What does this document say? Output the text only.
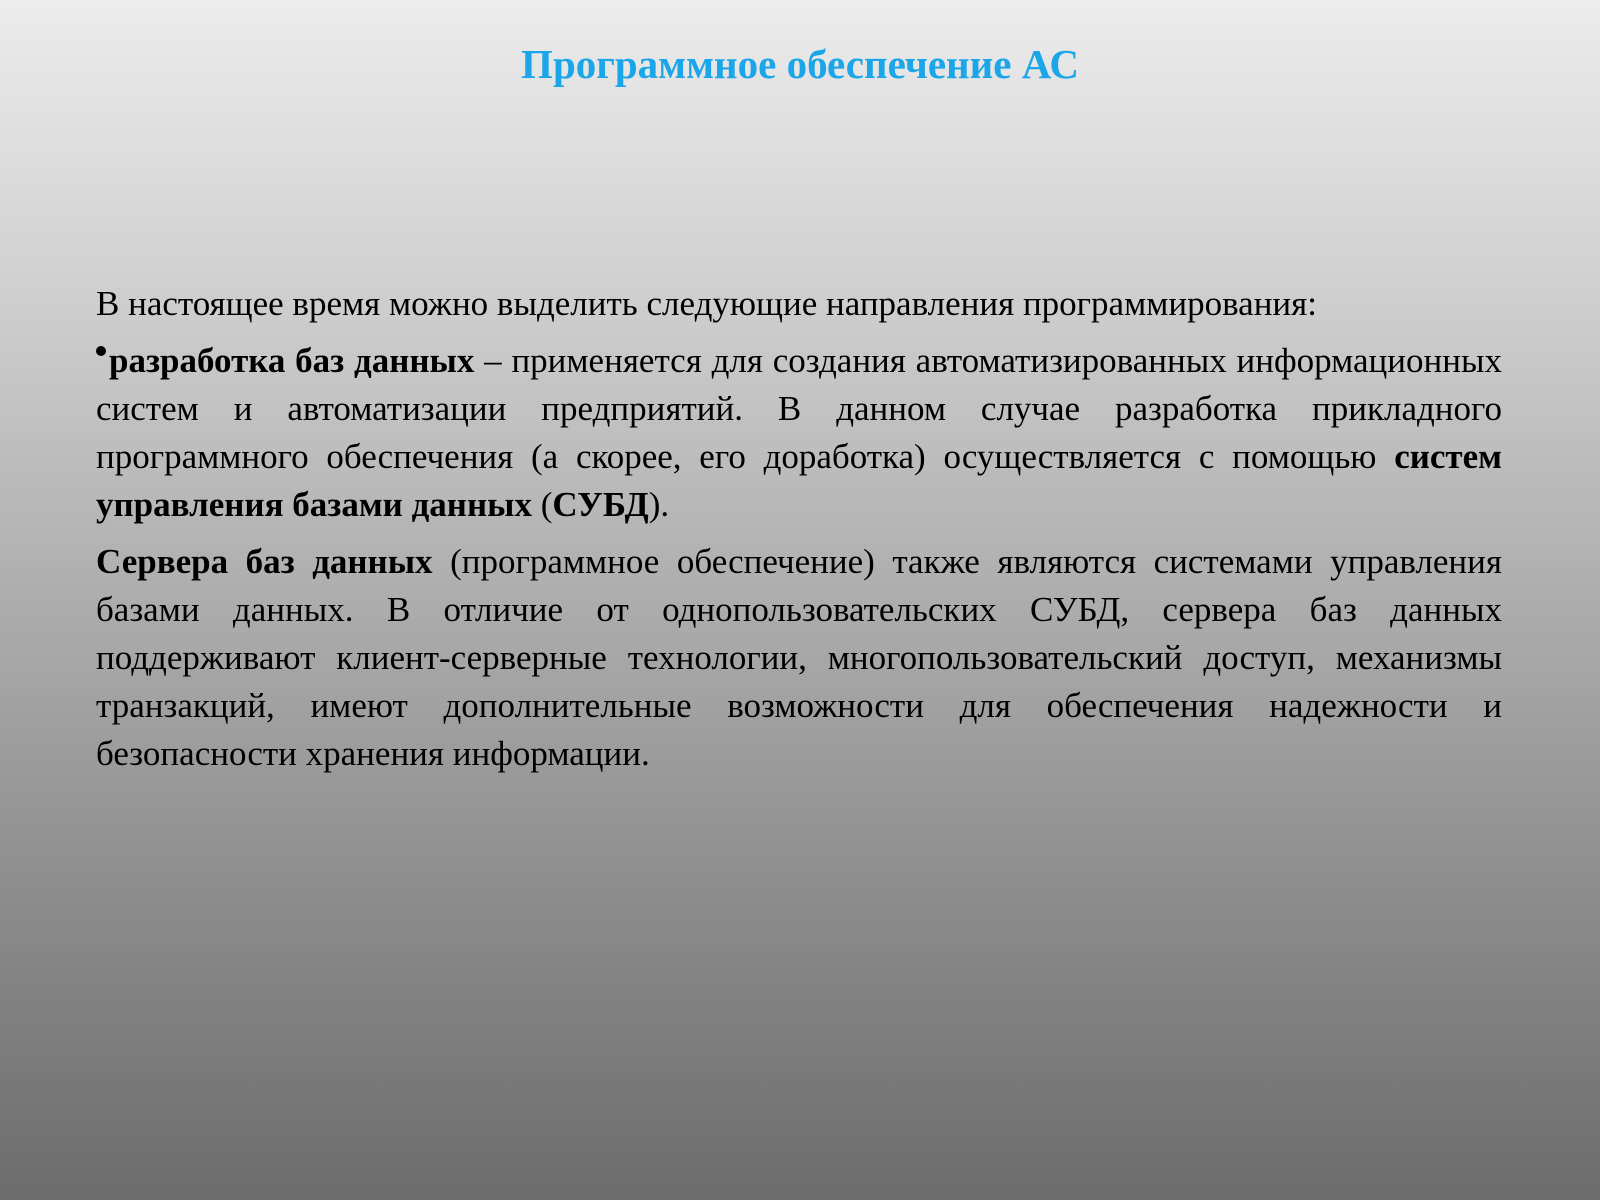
Программное обеспечение АС

В настоящее время можно выделить следующие направления программирования:

разработка баз данных – применяется для создания автоматизированных информационных систем и автоматизации предприятий. В данном случае разработка прикладного программного обеспечения (а скорее, его доработка) осуществляется с помощью систем управления базами данных (СУБД).

Сервера баз данных (программное обеспечение) также являются системами управления базами данных. В отличие от однопользовательских СУБД, сервера баз данных поддерживают клиент-серверные технологии, многопользовательский доступ, механизмы транзакций, имеют дополнительные возможности для обеспечения надежности и безопасности хранения информации.
